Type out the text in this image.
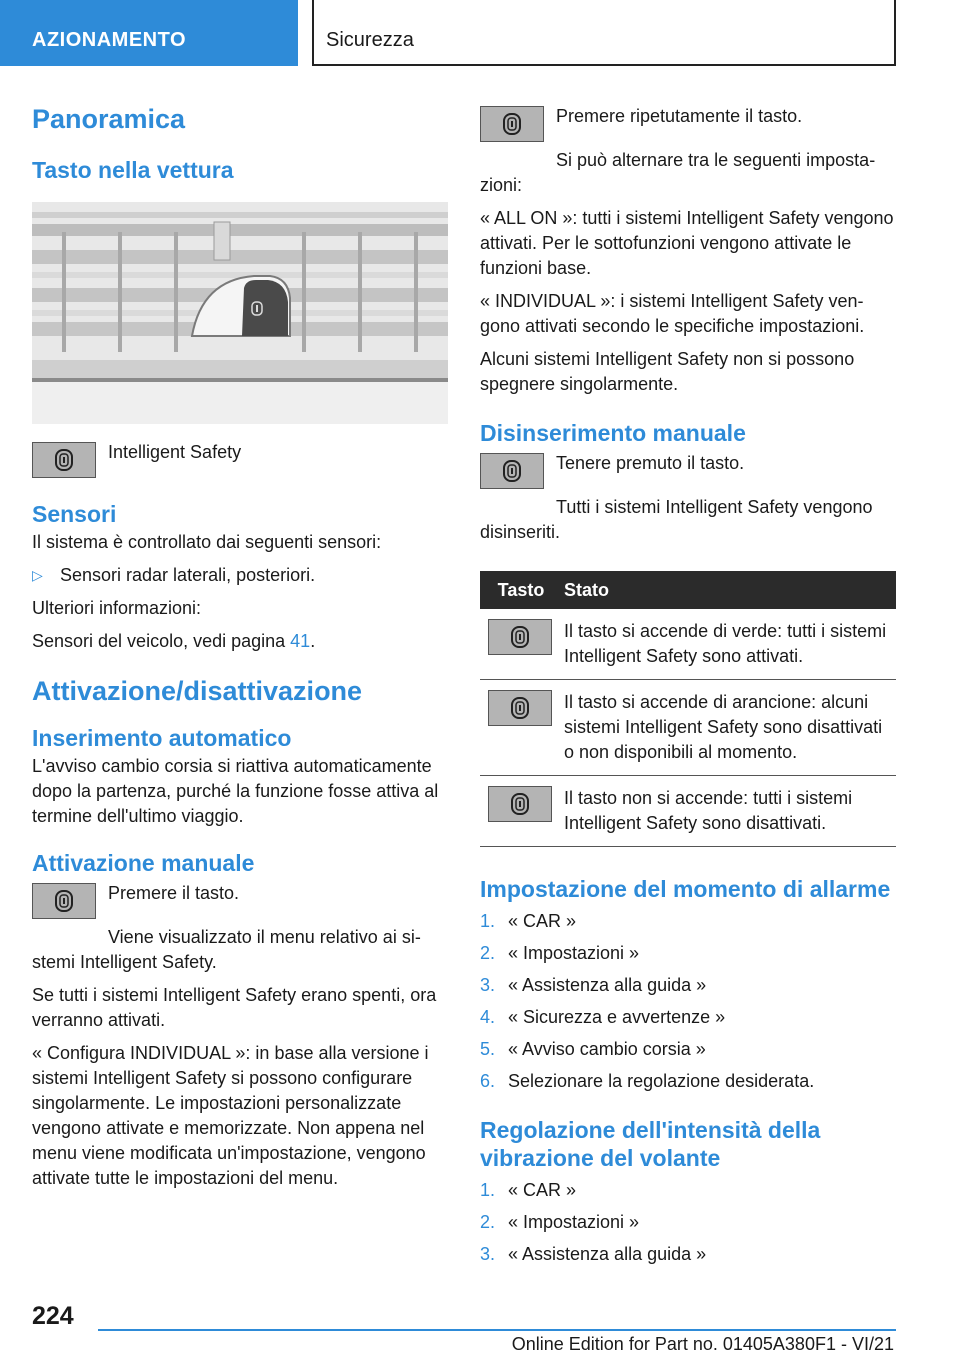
AZIONAMENTO	Sicurezza
Panoramica
Tasto nella vettura
Intelligent Safety
Sensori

Il sistema è controllato dai seguenti sensori:

▷ Sensori radar laterali, posteriori.

Ulteriori informazioni:

Sensori del veicolo, vedi pagina 41.

Attivazione/disattivazione
Inserimento automatico

L'avviso cambio corsia si riattiva automaticamente dopo la partenza, purché la funzione fosse attiva al termine dell'ultimo viaggio.

Attivazione manuale
Premere il tasto.

Viene visualizzato il menu relativo ai sistemi Intelligent Safety.

Se tutti i sistemi Intelligent Safety erano spenti, ora verranno attivati.

« Configura INDIVIDUAL »: in base alla versione i sistemi Intelligent Safety si possono configurare singolarmente. Le impostazioni personalizzate vengono attivate e memorizzate. Non appena nel menu viene modificata un'impostazione, vengono attivate tutte le impostazioni del menu.

Premere ripetutamente il tasto.

Si può alternare tra le seguenti impostazioni:

« ALL ON »: tutti i sistemi Intelligent Safety vengono attivati. Per le sottofunzioni vengono attivate le funzioni base.

« INDIVIDUAL »: i sistemi Intelligent Safety vengono attivati secondo le specifiche impostazioni.

Alcuni sistemi Intelligent Safety non si possono spegnere singolarmente.

Disinserimento manuale
Tenere premuto il tasto.

Tutti i sistemi Intelligent Safety vengono disinseriti.

Tasto	Stato

	Il tasto si accende di verde: tutti i sistemi Intelligent Safety sono attivati.

	Il tasto si accende di arancione: alcuni sistemi Intelligent Safety sono disattivati o non disponibili al momento.

	Il tasto non si accende: tutti i sistemi Intelligent Safety sono disattivati.
Impostazione del momento di allarme
1. « CAR »
2. « Impostazioni »
3. « Assistenza alla guida »
4. « Sicurezza e avvertenze »
5. « Avviso cambio corsia »
6. Selezionare la regolazione desiderata.
Regolazione dell'intensità della vibrazione del volante
1. « CAR »
2. « Impostazioni »
3. « Assistenza alla guida »
224
Online Edition for Part no. 01405A380F1 - VI/21
